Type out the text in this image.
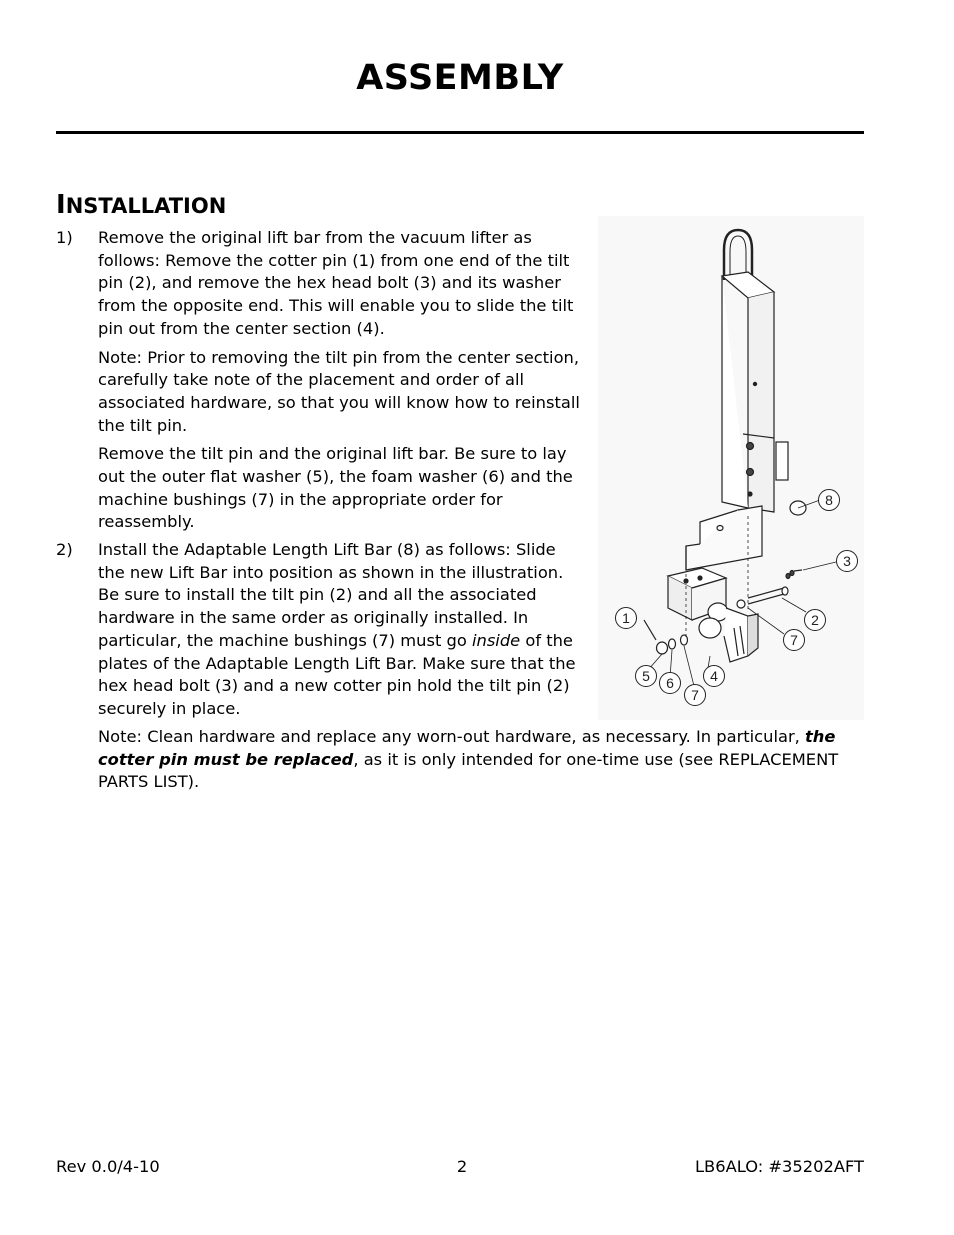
ASSEMBLY
INSTALLATION
1)	Remove the original lift bar from the vacuum lifter as follows: Remove the cotter pin (1) from one end of the tilt pin (2), and remove the hex head bolt (3) and its washer from the opposite end. This will enable you to slide the tilt pin out from the center section (4).

Note: Prior to removing the tilt pin from the center section, carefully take note of the placement and order of all associated hardware, so that you will know how to reinstall the tilt pin.

Remove the tilt pin and the original lift bar. Be sure to lay out the outer flat washer (5), the foam washer (6) and the machine bushings (7) in the appropriate order for reassembly.

2)	Install the Adaptable Length Lift Bar (8) as follows: Slide the new Lift Bar into position as shown in the illustration. Be sure to install the tilt pin (2) and all the associated hardware in the same order as originally installed. In particular, the machine bushings (7) must go inside of the plates of the Adaptable Length Lift Bar. Make sure that the hex head bolt (3) and a new cotter pin hold the tilt pin (2) securely in place.

Note: Clean hardware and replace any worn-out hardware, as necessary. In particular, the cotter pin must be replaced, as it is only intended for one-time use (see REPLACEMENT PARTS LIST).

1	2
3
4
5 6
7
7
8
Rev 0.0/4-10	2	LB6ALO: #35202AFT
